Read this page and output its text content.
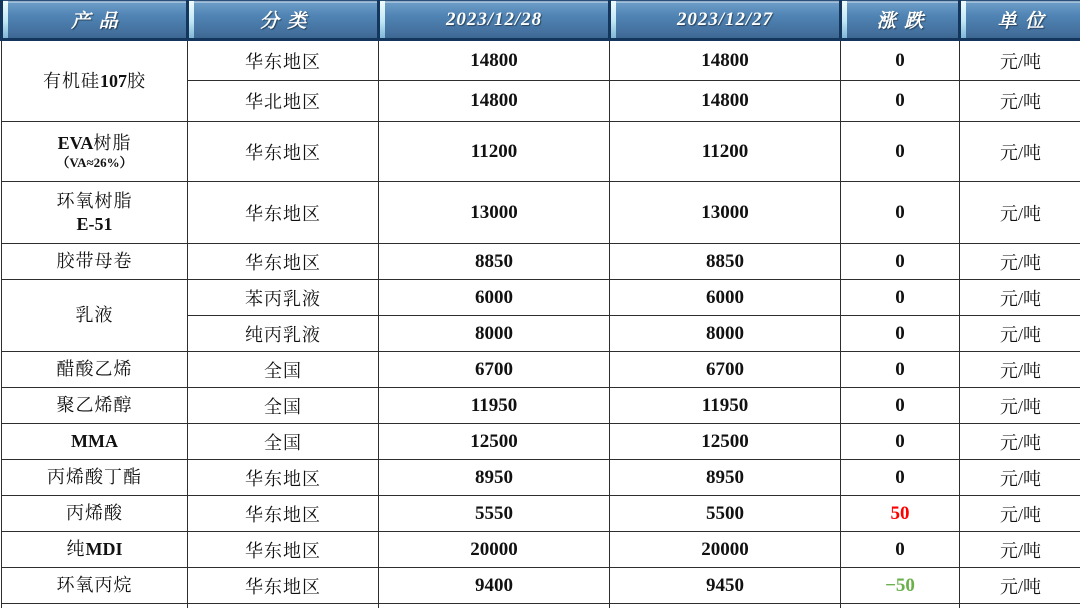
产品	分类	2023/12/28	2023/12/27	涨跌	单位

有机硅107胶	华东地区	14800	14800	0	元/吨
	华北地区	14800	14800	0	元/吨

EVA树脂
（VA≈26%）	华东地区	11200	11200	0	元/吨

环氧树脂
E-51	华东地区	13000	13000	0	元/吨

胶带母卷	华东地区	8850	8850	0	元/吨

乳液	苯丙乳液	6000	6000	0	元/吨
	纯丙乳液	8000	8000	0	元/吨

醋酸乙烯	全国	6700	6700	0	元/吨

聚乙烯醇	全国	11950	11950	0	元/吨

MMA	全国	12500	12500	0	元/吨

丙烯酸丁酯	华东地区	8950	8950	0	元/吨

丙烯酸	华东地区	5550	5500	50	元/吨

纯MDI	华东地区	20000	20000	0	元/吨

环氧丙烷	华东地区	9400	9450	−50	元/吨
